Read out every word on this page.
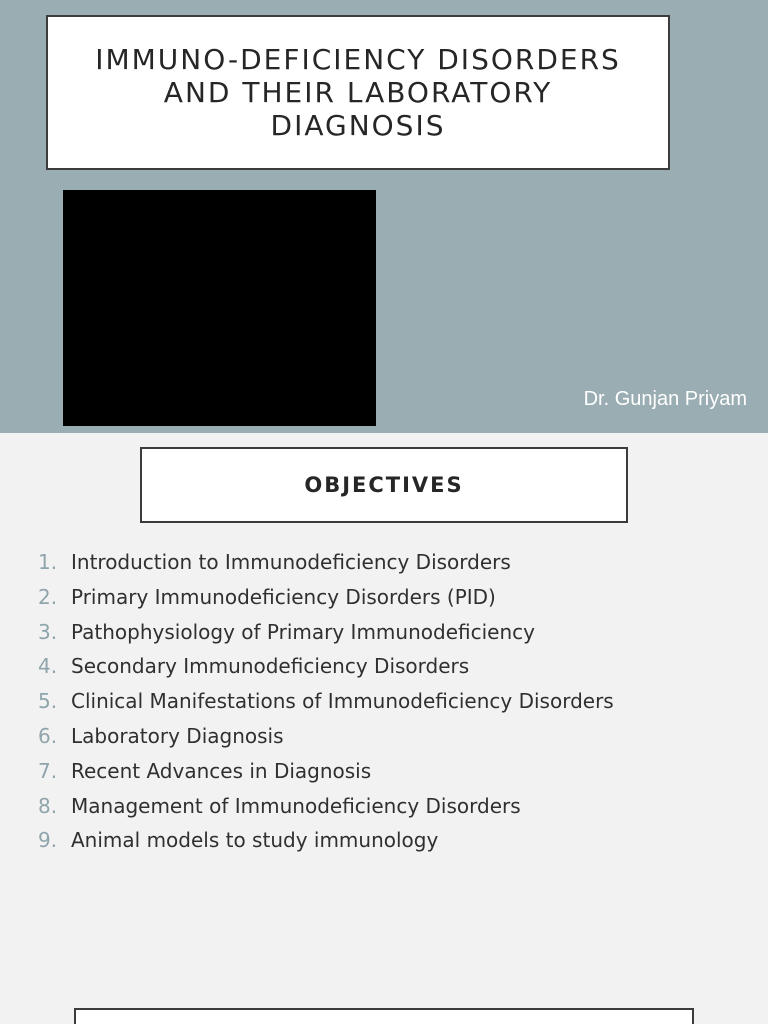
IMMUNO-DEFICIENCY DISORDERS
AND THEIR LABORATORY
DIAGNOSIS
Dr. Gunjan Priyam
OBJECTIVES
1. Introduction to Immunodeficiency Disorders
2. Primary Immunodeficiency Disorders (PID)
3. Pathophysiology of Primary Immunodeficiency
4. Secondary Immunodeficiency Disorders
5. Clinical Manifestations of Immunodeficiency Disorders
6. Laboratory Diagnosis
7. Recent Advances in Diagnosis
8. Management of Immunodeficiency Disorders
9. Animal models to study immunology
